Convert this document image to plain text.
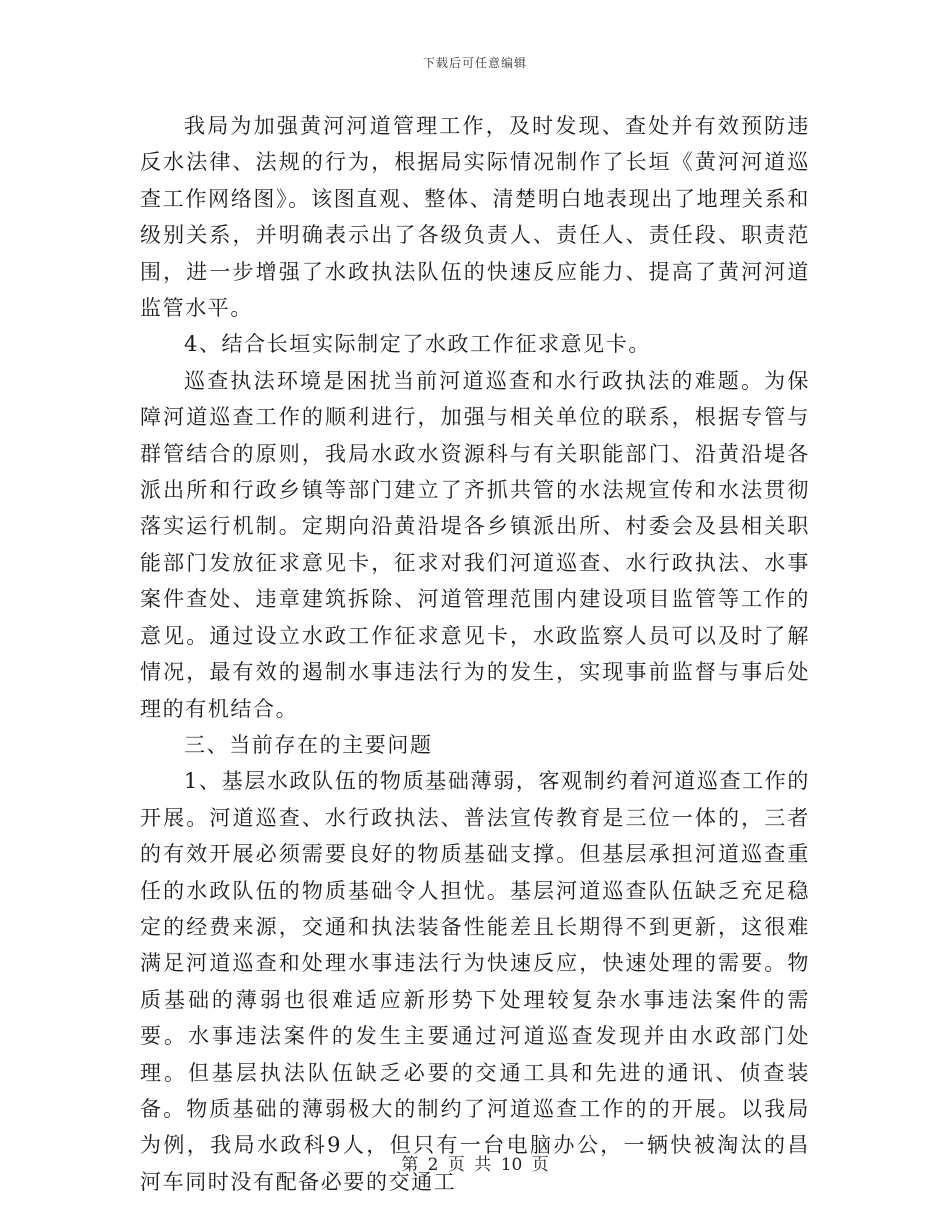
下载后可任意编辑

我局为加强黄河河道管理工作，及时发现、查处并有效预防违反水法律、法规的行为，根据局实际情况制作了长垣《黄河河道巡查工作网络图》。该图直观、整体、清楚明白地表现出了地理关系和级别关系，并明确表示出了各级负责人、责任人、责任段、职责范围，进一步增强了水政执法队伍的快速反应能力、提高了黄河河道监管水平。

4、结合长垣实际制定了水政工作征求意见卡。

巡查执法环境是困扰当前河道巡查和水行政执法的难题。为保障河道巡查工作的顺利进行，加强与相关单位的联系，根据专管与群管结合的原则，我局水政水资源科与有关职能部门、沿黄沿堤各派出所和行政乡镇等部门建立了齐抓共管的水法规宣传和水法贯彻落实运行机制。定期向沿黄沿堤各乡镇派出所、村委会及县相关职能部门发放征求意见卡，征求对我们河道巡查、水行政执法、水事案件查处、违章建筑拆除、河道管理范围内建设项目监管等工作的意见。通过设立水政工作征求意见卡，水政监察人员可以及时了解情况，最有效的遏制水事违法行为的发生，实现事前监督与事后处理的有机结合。

三、当前存在的主要问题

1、基层水政队伍的物质基础薄弱，客观制约着河道巡查工作的开展。河道巡查、水行政执法、普法宣传教育是三位一体的，三者的有效开展必须需要良好的物质基础支撑。但基层承担河道巡查重任的水政队伍的物质基础令人担忧。基层河道巡查队伍缺乏充足稳定的经费来源，交通和执法装备性能差且长期得不到更新，这很难满足河道巡查和处理水事违法行为快速反应，快速处理的需要。物质基础的薄弱也很难适应新形势下处理较复杂水事违法案件的需要。水事违法案件的发生主要通过河道巡查发现并由水政部门处理。但基层执法队伍缺乏必要的交通工具和先进的通讯、侦查装备。物质基础的薄弱极大的制约了河道巡查工作的的开展。以我局为例，我局水政科9人，但只有一台电脑办公，一辆快被淘汰的昌河车同时没有配备必要的交通工

第 2 页 共 10 页
